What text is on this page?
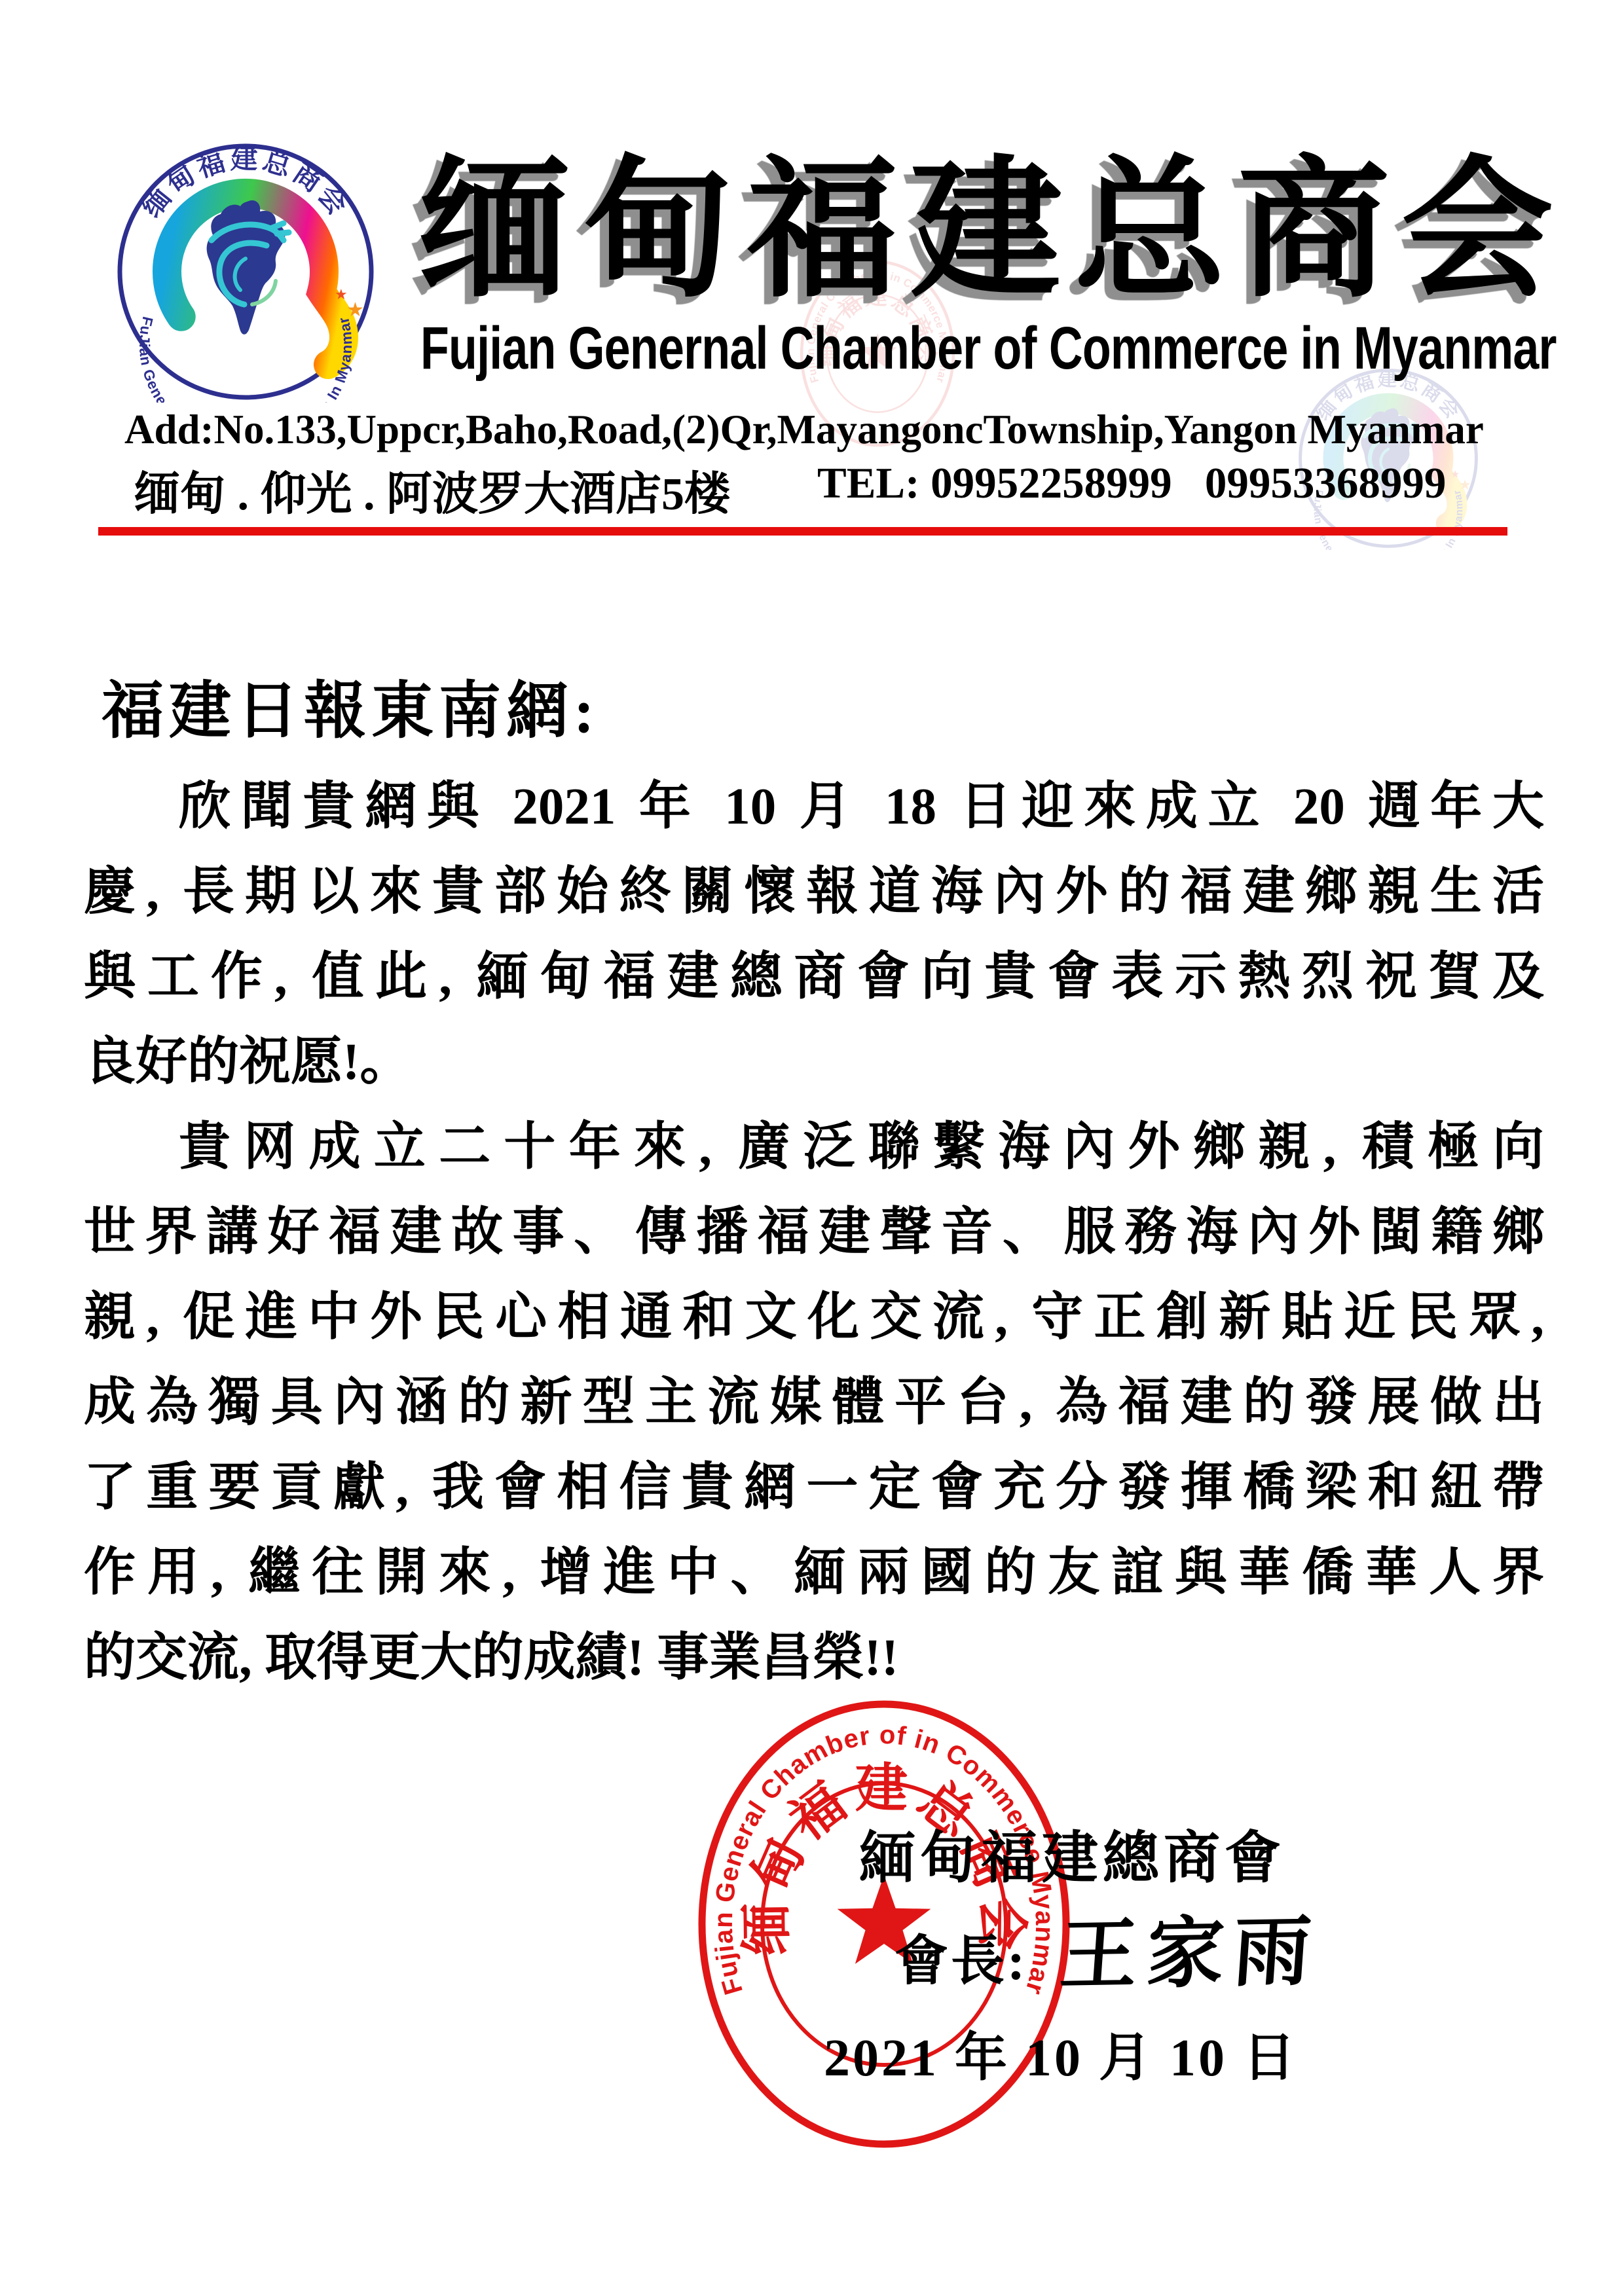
缅甸福建总商会
Fujian Genernal Chamber of Commerce in Myanmar
Add:No.133,Uppcr,Baho,Road,(2)Qr,MayangoncTownship,Yangon Myanmar
缅甸 . 仰光 . 阿波罗大酒店5楼 TEL: 09952258999 09953368999
福建日報東南網:
欣聞貴網與 2021 年 10 月 18 日迎來成立 20 週年大
慶, 長期以來貴部始終關懷報道海內外的福建鄉親生活
與工作, 值此, 緬甸福建總商會向貴會表示熱烈祝賀及
良好的祝愿!。
貴网成立二十年來, 廣泛聯繫海內外鄉親, 積極向
世界講好福建故事、傳播福建聲音、服務海內外閩籍鄉
親, 促進中外民心相通和文化交流, 守正創新貼近民眾,
成為獨具內涵的新型主流媒體平台, 為福建的發展做出
了重要貢獻, 我會相信貴網一定會充分發揮橋梁和紐帶
作用, 繼往開來, 增進中、緬兩國的友誼與華僑華人界
的交流, 取得更大的成績! 事業昌榮!!
緬甸福建總商會
會長: 王家雨
2021 年 10 月 10 日
